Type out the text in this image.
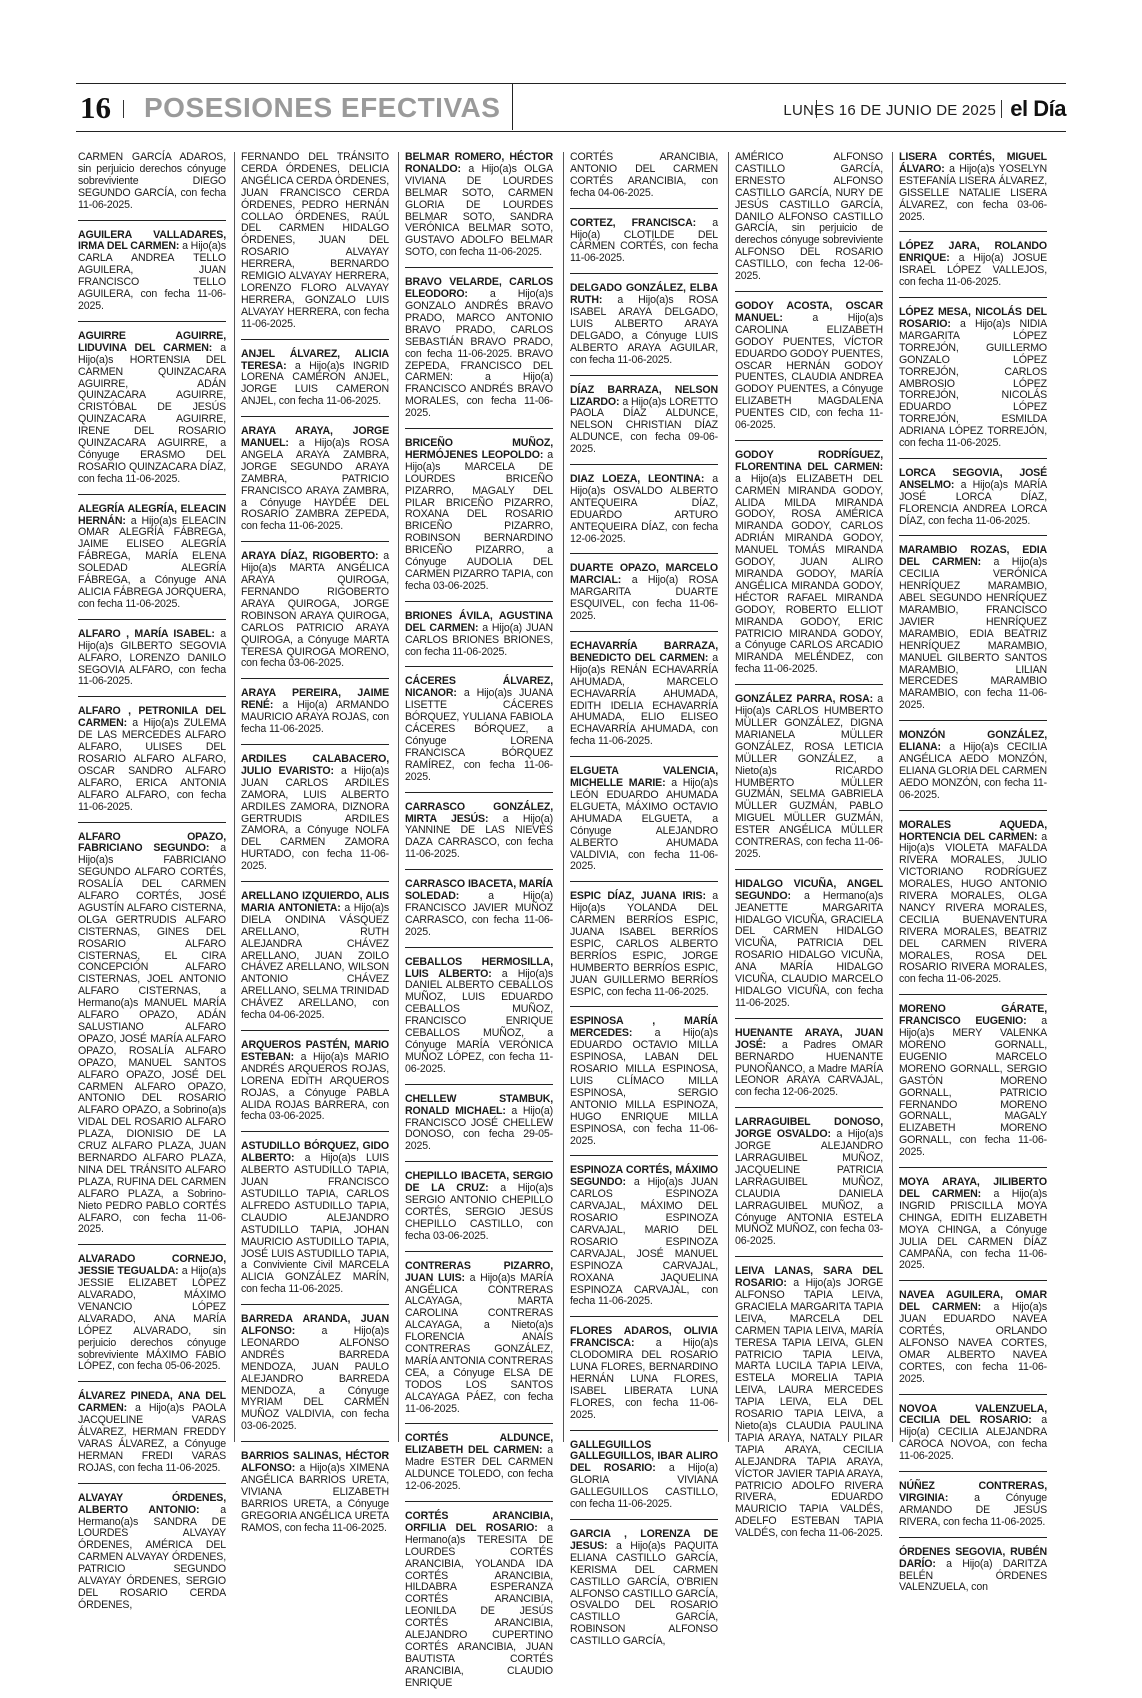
16 POSESIONES EFECTIVAS	LUNES 16 DE JUNIO DE 2025 el Día

CARMEN GARCÍA ADAROS, sin perjuicio derechos cónyuge sobreviviente DIEGO SEGUNDO GARCÍA, con fecha 11-06-2025.

AGUILERA VALLADARES, IRMA DEL CARMEN: a Hijo(a)s CARLA ANDREA TELLO AGUILERA, JUAN FRANCISCO TELLO AGUILERA, con fecha 11-06-2025.

AGUIRRE AGUIRRE, LIDUVINA DEL CARMEN: a Hijo(a)s HORTENSIA DEL CARMEN QUINZACARA AGUIRRE, ADÁN QUINZACARA AGUIRRE, CRISTÓBAL DE JESÚS QUINZACARA AGUIRRE, IRENE DEL ROSARIO QUINZACARA AGUIRRE, a Cónyuge ERASMO DEL ROSARIO QUINZACARA DÍAZ, con fecha 11-06-2025.

ALEGRÍA ALEGRÍA, ELEACIN HERNÁN: a Hijo(a)s ELEACIN OMAR ALEGRÍA FÁBREGA, JAIME ELISEO ALEGRÍA FÁBREGA, MARÍA ELENA SOLEDAD ALEGRÍA FÁBREGA, a Cónyuge ANA ALICIA FÁBREGA JORQUERA, con fecha 11-06-2025.

ALFARO , MARÍA ISABEL: a Hijo(a)s GILBERTO SEGOVIA ALFARO, LORENZO DANILO SEGOVIA ALFARO, con fecha 11-06-2025.

ALFARO , PETRONILA DEL CARMEN: a Hijo(a)s ZULEMA DE LAS MERCEDES ALFARO ALFARO, ULISES DEL ROSARIO ALFARO ALFARO, OSCAR SANDRO ALFARO ALFARO, ERICA ANTONIA ALFARO ALFARO, con fecha 11-06-2025.

ALFARO OPAZO, FABRICIANO SEGUNDO: a Hijo(a)s FABRICIANO SEGUNDO ALFARO CORTÉS, ROSALÍA DEL CARMEN ALFARO CORTÉS, JOSÉ AGUSTÍN ALFARO CISTERNA, OLGA GERTRUDIS ALFARO CISTERNAS, GINES DEL ROSARIO ALFARO CISTERNAS, EL CIRA CONCEPCIÓN ALFARO CISTERNAS, JOEL ANTONIO ALFARO CISTERNAS, a Hermano(a)s MANUEL MARÍA ALFARO OPAZO, ADÁN SALUSTIANO ALFARO OPAZO, JOSÉ MARÍA ALFARO OPAZO, ROSALÍA ALFARO OPAZO, MANUEL SANTOS ALFARO OPAZO, JOSÉ DEL CARMEN ALFARO OPAZO, ANTONIO DEL ROSARIO ALFARO OPAZO, a Sobrino(a)s VIDAL DEL ROSARIO ALFARO PLAZA, DIONISIO DE LA CRUZ ALFARO PLAZA, JUAN BERNARDO ALFARO PLAZA, NINA DEL TRÁNSITO ALFARO PLAZA, RUFINA DEL CARMEN ALFARO PLAZA, a Sobrino-Nieto PEDRO PABLO CORTÉS ALFARO, con fecha 11-06-2025.

ALVARADO CORNEJO, JESSIE TEGUALDA: a Hijo(a)s JESSIE ELIZABET LÓPEZ ALVARADO, MÁXIMO VENANCIO LÓPEZ ALVARADO, ANA MARÍA LÓPEZ ALVARADO, sin perjuicio derechos cónyuge sobreviviente MÁXIMO FABIO LÓPEZ, con fecha 05-06-2025.

ÁLVAREZ PINEDA, ANA DEL CARMEN: a Hijo(a)s PAOLA JACQUELINE VARAS ÁLVAREZ, HERMAN FREDDY VARAS ÁLVAREZ, a Cónyuge HERMAN FREDI VARAS ROJAS, con fecha 11-06-2025.

ALVAYAY ÓRDENES, ALBERTO ANTONIO: a Hermano(a)s SANDRA DE LOURDES ALVAYAY ÓRDENES, AMÉRICA DEL CARMEN ALVAYAY ÓRDENES, PATRICIO SEGUNDO ALVAYAY ÓRDENES, SERGIO DEL ROSARIO CERDA ÓRDENES,

FERNANDO DEL TRÁNSITO CERDA ÓRDENES, DELICIA ANGÉLICA CERDA ÓRDENES, JUAN FRANCISCO CERDA ÓRDENES, PEDRO HERNÁN COLLAO ÓRDENES, RAÚL DEL CARMEN HIDALGO ÓRDENES, JUAN DEL ROSARIO ALVAYAY HERRERA, BERNARDO REMIGIO ALVAYAY HERRERA, LORENZO FLORO ALVAYAY HERRERA, GONZALO LUIS ALVAYAY HERRERA, con fecha 11-06-2025.

ANJEL ÁLVAREZ, ALICIA TERESA: a Hijo(a)s INGRID LORENA CAMERON ANJEL, JORGE LUIS CAMERON ANJEL, con fecha 11-06-2025.

ARAYA ARAYA, JORGE MANUEL: a Hijo(a)s ROSA ANGELA ARAYA ZAMBRA, JORGE SEGUNDO ARAYA ZAMBRA, PATRICIO FRANCISCO ARAYA ZAMBRA, a Cónyuge HAYDÉE DEL ROSARIO ZAMBRA ZEPEDA, con fecha 11-06-2025.

ARAYA DÍAZ, RIGOBERTO: a Hijo(a)s MARTA ANGÉLICA ARAYA QUIROGA, FERNANDO RIGOBERTO ARAYA QUIROGA, JORGE ROBINSON ARAYA QUIROGA, CARLOS PATRICIO ARAYA QUIROGA, a Cónyuge MARTA TERESA QUIROGA MORENO, con fecha 03-06-2025.

ARAYA PEREIRA, JAIME RENÉ: a Hijo(a) ARMANDO MAURICIO ARAYA ROJAS, con fecha 11-06-2025.

ARDILES CALABACERO, JULIO EVARISTO: a Hijo(a)s JUAN CARLOS ARDILES ZAMORA, LUIS ALBERTO ARDILES ZAMORA, DIZNORA GERTRUDIS ARDILES ZAMORA, a Cónyuge NOLFA DEL CARMEN ZAMORA HURTADO, con fecha 11-06-2025.

ARELLANO IZQUIERDO, ALIS MARIA ANTONIETA: a Hijo(a)s DIELA ONDINA VÁSQUEZ ARELLANO, RUTH ALEJANDRA CHÁVEZ ARELLANO, JUAN ZOILO CHÁVEZ ARELLANO, WILSON ANTONIO CHÁVEZ ARELLANO, SELMA TRINIDAD CHÁVEZ ARELLANO, con fecha 04-06-2025.

ARQUEROS PASTÉN, MARIO ESTEBAN: a Hijo(a)s MARIO ANDRÉS ARQUEROS ROJAS, LORENA EDITH ARQUEROS ROJAS, a Cónyuge PABLA ALIDA ROJAS BARRERA, con fecha 03-06-2025.

ASTUDILLO BÓRQUEZ, GIDO ALBERTO: a Hijo(a)s LUIS ALBERTO ASTUDILLO TAPIA, JUAN FRANCISCO ASTUDILLO TAPIA, CARLOS ALFREDO ASTUDILLO TAPIA, CLAUDIO ALEJANDRO ASTUDILLO TAPIA, JOHAN MAURICIO ASTUDILLO TAPIA, JOSÉ LUIS ASTUDILLO TAPIA, a Conviviente Civil MARCELA ALICIA GONZÁLEZ MARÍN, con fecha 11-06-2025.

BARREDA ARANDA, JUAN ALFONSO: a Hijo(a)s LEONARDO ALFONSO ANDRÉS BARREDA MENDOZA, JUAN PAULO ALEJANDRO BARREDA MENDOZA, a Cónyuge MYRIAM DEL CARMEN MUÑOZ VALDIVIA, con fecha 03-06-2025.

BARRIOS SALINAS, HÉCTOR ALFONSO: a Hijo(a)s XIMENA ANGÉLICA BARRIOS URETA, VIVIANA ELIZABETH BARRIOS URETA, a Cónyuge GREGORIA ANGÉLICA URETA RAMOS, con fecha 11-06-2025.

BELMAR ROMERO, HÉCTOR RONALDO: a Hijo(a)s OLGA VIVIANA DE LOURDES BELMAR SOTO, CARMEN GLORIA DE LOURDES BELMAR SOTO, SANDRA VERÓNICA BELMAR SOTO, GUSTAVO ADOLFO BELMAR SOTO, con fecha 11-06-2025.

BRAVO VELARDE, CARLOS ELEODORO: a Hijo(a)s GONZALO ANDRÉS BRAVO PRADO, MARCO ANTONIO BRAVO PRADO, CARLOS SEBASTIÁN BRAVO PRADO, con fecha 11-06-2025. BRAVO ZEPEDA, FRANCISCO DEL CARMEN: a Hijo(a) FRANCISCO ANDRÉS BRAVO MORALES, con fecha 11-06-2025.

BRICEÑO MUÑOZ, HERMÓJENES LEOPOLDO: a Hijo(a)s MARCELA DE LOURDES BRICEÑO PIZARRO, MAGALY DEL PILAR BRICEÑO PIZARRO, ROXANA DEL ROSARIO BRICEÑO PIZARRO, ROBINSON BERNARDINO BRICEÑO PIZARRO, a Cónyuge AUDOLIA DEL CARMEN PIZARRO TAPIA, con fecha 03-06-2025.

BRIONES ÁVILA, AGUSTINA DEL CARMEN: a Hijo(a) JUAN CARLOS BRIONES BRIONES, con fecha 11-06-2025.

CÁCERES ÁLVAREZ, NICANOR: a Hijo(a)s JUANA LISETTE CÁCERES BÓRQUEZ, YULIANA FABIOLA CÁCERES BÓRQUEZ, a Cónyuge LORENA FRANCISCA BÓRQUEZ RAMÍREZ, con fecha 11-06-2025.

CARRASCO GONZÁLEZ, MIRTA JESÚS: a Hijo(a) YANNINE DE LAS NIEVES DAZA CARRASCO, con fecha 11-06-2025.

CARRASCO IBACETA, MARÍA SOLEDAD:	a Hijo(a) FRANCISCO JAVIER MUÑOZ CARRASCO, con fecha 11-06-2025.

CEBALLOS HERMOSILLA, LUIS ALBERTO: a Hijo(a)s DANIEL ALBERTO CEBALLOS MUÑOZ, LUIS EDUARDO CEBALLOS MUÑOZ, FRANCISCO ENRIQUE CEBALLOS MUÑOZ, a Cónyuge MARÍA VERÓNICA MUÑOZ LÓPEZ, con fecha 11-06-2025.

CHELLEW STAMBUK, RONALD MICHAEL: a Hijo(a) FRANCISCO JOSÉ CHELLEW DONOSO, con fecha 29-05-2025.

CHEPILLO IBACETA, SERGIO DE LA CRUZ: a Hijo(a)s SERGIO ANTONIO CHEPILLO CORTÉS, SERGIO JESÚS CHEPILLO CASTILLO, con fecha 03-06-2025.

CONTRERAS PIZARRO, JUAN LUIS: a Hijo(a)s MARÍA ANGÉLICA CONTRERAS ALCAYAGA, MARTA CAROLINA CONTRERAS ALCAYAGA, a Nieto(a)s FLORENCIA ANAÍS CONTRERAS GONZÁLEZ, MARÍA ANTONIA CONTRERAS CEA, a Cónyuge ELSA DE TODOS LOS SANTOS ALCAYAGA PÁEZ, con fecha 11-06-2025.

CORTÉS ALDUNCE, ELIZABETH DEL CARMEN: a Madre ESTER DEL CARMEN ALDUNCE TOLEDO, con fecha 12-06-2025.

CORTÉS ARANCIBIA, ORFILIA DEL ROSARIO: a Hermano(a)s TERESITA DE LOURDES CORTÉS ARANCIBIA, YOLANDA IDA CORTÉS ARANCIBIA, HILDABRA ESPERANZA CORTÉS ARANCIBIA, LEONILDA DE JESÚS CORTÉS ARANCIBIA, ALEJANDRO CUPERTINO CORTÉS ARANCIBIA, JUAN BAUTISTA CORTÉS ARANCIBIA, CLAUDIO ENRIQUE

CORTÉS ARANCIBIA, ANTONIO DEL CARMEN CORTÉS ARANCIBIA, con fecha 04-06-2025.

CORTEZ, FRANCISCA: a Hijo(a) CLOTILDE DEL CARMEN CORTÉS, con fecha 11-06-2025.

DELGADO GONZÁLEZ, ELBA RUTH: a Hijo(a)s ROSA ISABEL ARAYA DELGADO, LUIS ALBERTO ARAYA DELGADO, a Cónyuge LUIS ALBERTO ARAYA AGUILAR, con fecha 11-06-2025.

DÍAZ BARRAZA, NELSON LIZARDO: a Hijo(a)s LORETTO PAOLA DÍAZ ALDUNCE, NELSON CHRISTIAN DÍAZ ALDUNCE, con fecha 09-06-2025.

DIAZ LOEZA, LEONTINA: a Hijo(a)s OSVALDO ALBERTO ANTEQUEIRA DÍAZ, EDUARDO ARTURO ANTEQUEIRA DÍAZ, con fecha 12-06-2025.

DUARTE OPAZO, MARCELO MARCIAL: a Hijo(a) ROSA MARGARITA DUARTE ESQUIVEL, con fecha 11-06-2025.

ECHAVARRÍA BARRAZA, BENEDICTO DEL CARMEN: a Hijo(a)s RENÁN ECHAVARRÍA AHUMADA, MARCELO ECHAVARRÍA AHUMADA, EDITH IDELIA ECHAVARRÍA AHUMADA, ELIO ELISEO ECHAVARRÍA AHUMADA, con fecha 11-06-2025.

ELGUETA VALENCIA, MICHELLE MARIE: a Hijo(a)s LEÓN EDUARDO AHUMADA ELGUETA, MÁXIMO OCTAVIO AHUMADA ELGUETA, a Cónyuge ALEJANDRO ALBERTO AHUMADA VALDIVIA, con fecha 11-06-2025.

ESPIC DÍAZ, JUANA IRIS: a Hijo(a)s YOLANDA DEL CARMEN BERRÍOS ESPIC, JUANA ISABEL BERRÍOS ESPIC, CARLOS ALBERTO BERRÍOS ESPIC, JORGE HUMBERTO BERRÍOS ESPIC, JUAN GUILLERMO BERRÍOS ESPIC, con fecha 11-06-2025.

ESPINOSA , MARÍA MERCEDES: a Hijo(a)s EDUARDO OCTAVIO MILLA ESPINOSA, LABAN DEL ROSARIO MILLA ESPINOSA, LUIS CLÍMACO MILLA ESPINOSA, SERGIO ANTONIO MILLA ESPINOZA, HUGO ENRIQUE MILLA ESPINOSA, con fecha 11-06-2025.

ESPINOZA CORTÉS, MÁXIMO SEGUNDO: a Hijo(a)s JUAN CARLOS ESPINOZA CARVAJAL, MÁXIMO DEL ROSARIO ESPINOZA CARVAJAL, MARIO DEL ROSARIO ESPINOZA CARVAJAL, JOSÉ MANUEL ESPINOZA CARVAJAL, ROXANA JAQUELINA ESPINOZA CARVAJAL, con fecha 11-06-2025.

FLORES ADAROS, OLIVIA FRANCISCA: a Hijo(a)s CLODOMIRA DEL ROSARIO LUNA FLORES, BERNARDINO HERNÁN LUNA FLORES, ISABEL LIBERATA LUNA FLORES, con fecha 11-06-2025.

GALLEGUILLOS GALLEGUILLOS, IBAR ALIRO DEL ROSARIO: a Hijo(a) GLORIA VIVIANA GALLEGUILLOS CASTILLO, con fecha 11-06-2025.

GARCIA , LORENZA DE JESUS: a Hijo(a)s PAQUITA ELIANA CASTILLO GARCÍA, KERISMA DEL CARMEN CASTILLO GARCÍA, O'BRIEN ALFONSO CASTILLO GARCÍA, OSVALDO DEL ROSARIO CASTILLO GARCÍA, ROBINSON ALFONSO CASTILLO GARCÍA,

AMÉRICO ALFONSO CASTILLO GARCÍA, ERNESTO ALFONSO CASTILLO GARCÍA, NURY DE JESÚS CASTILLO GARCÍA, DANILO ALFONSO CASTILLO GARCÍA, sin perjuicio de derechos cónyuge sobreviviente ALFONSO DEL ROSARIO CASTILLO, con fecha 12-06-2025.

GODOY ACOSTA, OSCAR MANUEL:	a Hijo(a)s CAROLINA ELIZABETH GODOY PUENTES, VÍCTOR EDUARDO GODOY PUENTES, OSCAR HERNÁN GODOY PUENTES, CLAUDIA ANDREA GODOY PUENTES, a Cónyuge ELIZABETH MAGDALENA PUENTES CID, con fecha 11-06-2025.

GODOY RODRÍGUEZ, FLORENTINA DEL CARMEN: a Hijo(a)s ELIZABETH DEL CARMEN MIRANDA GODOY, ALIDA MILDA MIRANDA GODOY, ROSA AMÉRICA MIRANDA GODOY, CARLOS ADRIÁN MIRANDA GODOY, MANUEL TOMÁS MIRANDA GODOY, JUAN ALIRO MIRANDA GODOY, MARÍA ANGÉLICA MIRANDA GODOY, HÉCTOR RAFAEL MIRANDA GODOY, ROBERTO ELLIOT MIRANDA GODOY, ERIC PATRICIO MIRANDA GODOY, a Cónyuge CARLOS ARCADIO MIRANDA MELÉNDEZ, con fecha 11-06-2025.

GONZÁLEZ PARRA, ROSA: a Hijo(a)s CARLOS HUMBERTO MÜLLER GONZÁLEZ, DIGNA MARIANELA MÜLLER GONZÁLEZ, ROSA LETICIA MÜLLER GONZÁLEZ, a Nieto(a)s RICARDO HUMBERTO MÜLLER GUZMÁN, SELMA GABRIELA MÜLLER GUZMÁN, PABLO MIGUEL MÜLLER GUZMÁN, ESTER ANGÉLICA MÜLLER CONTRERAS, con fecha 11-06-2025.

HIDALGO VICUÑA, ANGEL SEGUNDO: a Hermano(a)s JEANETTE MARGARITA HIDALGO VICUÑA, GRACIELA DEL CARMEN HIDALGO VICUÑA, PATRICIA DEL ROSARIO HIDALGO VICUÑA, ANA MARÍA HIDALGO VICUÑA, CLAUDIO MARCELO HIDALGO VICUÑA, con fecha 11-06-2025.

HUENANTE ARAYA, JUAN JOSÉ: a Padres OMAR BERNARDO HUENANTE PUNOÑANCO, a Madre MARÍA LEONOR ARAYA CARVAJAL, con fecha 12-06-2025.

LARRAGUIBEL DONOSO, JORGE OSVALDO: a Hijo(a)s JORGE ALEJANDRO LARRAGUIBEL MUÑOZ, JACQUELINE PATRICIA LARRAGUIBEL MUÑOZ, CLAUDIA DANIELA LARRAGUIBEL MUÑOZ, a Cónyuge ANTONIA ESTELA MUÑOZ MUÑOZ, con fecha 03-06-2025.

LEIVA LANAS, SARA DEL ROSARIO: a Hijo(a)s JORGE ALFONSO TAPIA LEIVA, GRACIELA MARGARITA TAPIA LEIVA, MARCELA DEL CARMEN TAPIA LEIVA, MARÍA TERESA TAPIA LEIVA, GLEN PATRICIO TAPIA LEIVA, MARTA LUCILA TAPIA LEIVA, ESTELA MORELIA TAPIA LEIVA, LAURA MERCEDES TAPIA LEIVA, ELA DEL ROSARIO TAPIA LEIVA, a Nieto(a)s CLAUDIA PAULINA TAPIA ARAYA, NATALY PILAR TAPIA ARAYA, CECILIA ALEJANDRA TAPIA ARAYA, VÍCTOR JAVIER TAPIA ARAYA, PATRICIO ADOLFO RIVERA RIVERA, EDUARDO MAURICIO TAPIA VALDÉS, ADELFO ESTEBAN TAPIA VALDÉS, con fecha 11-06-2025.

LISERA CORTÉS, MIGUEL ÁLVARO: a Hijo(a)s YOSELYN ESTEFANÍA LISERA ÁLVAREZ, GISSELLE NATALIE LISERA ÁLVAREZ, con fecha 03-06-2025.

LÓPEZ JARA, ROLANDO ENRIQUE: a Hijo(a) JOSUE ISRAEL LÓPEZ VALLEJOS, con fecha 11-06-2025.

LÓPEZ MESA, NICOLÁS DEL ROSARIO: a Hijo(a)s NIDIA MARGARITA LÓPEZ TORREJÓN, GUILLERMO GONZALO LÓPEZ TORREJÓN, CARLOS AMBROSIO LÓPEZ TORREJÓN, NICOLÁS EDUARDO LÓPEZ TORREJÓN, ESMILDA ADRIANA LÓPEZ TORREJÓN, con fecha 11-06-2025.

LORCA SEGOVIA, JOSÉ ANSELMO: a Hijo(a)s MARÍA JOSÉ LORCA DÍAZ, FLORENCIA ANDREA LORCA DÍAZ, con fecha 11-06-2025.

MARAMBIO ROZAS, EDIA DEL CARMEN: a Hijo(a)s CECILIA VERÓNICA HENRÍQUEZ MARAMBIO, ABEL SEGUNDO HENRÍQUEZ MARAMBIO, FRANCISCO JAVIER HENRÍQUEZ MARAMBIO, EDIA BEATRIZ HENRÍQUEZ MARAMBIO, MANUEL GILBERTO SANTOS MARAMBIO, LILIAN MERCEDES MARAMBIO MARAMBIO, con fecha 11-06-2025.

MONZÓN GONZÁLEZ, ELIANA: a Hijo(a)s CECILIA ANGÉLICA AEDO MONZÓN, ELIANA GLORIA DEL CARMEN AEDO MONZÓN, con fecha 11-06-2025.

MORALES AQUEDA, HORTENCIA DEL CARMEN: a Hijo(a)s VIOLETA MAFALDA RIVERA MORALES, JULIO VICTORIANO RODRÍGUEZ MORALES, HUGO ANTONIO RIVERA MORALES, OLGA NANCY RIVERA MORALES, CECILIA BUENAVENTURA RIVERA MORALES, BEATRIZ DEL CARMEN RIVERA MORALES, ROSA DEL ROSARIO RIVERA MORALES, con fecha 11-06-2025.

MORENO GÁRATE, FRANCISCO EUGENIO: a Hijo(a)s MERY VALENKA MORENO GORNALL, EUGENIO MARCELO MORENO GORNALL, SERGIO GASTÓN MORENO GORNALL, PATRICIO FERNANDO MORENO GORNALL, MAGALY ELIZABETH MORENO GORNALL, con fecha 11-06-2025.

MOYA ARAYA, JILIBERTO DEL CARMEN: a Hijo(a)s INGRID PRISCILLA MOYA CHINGA, EDITH ELIZABETH MOYA CHINGA, a Cónyuge JULIA DEL CARMEN DÍAZ CAMPAÑA, con fecha 11-06-2025.

NAVEA AGUILERA, OMAR DEL CARMEN: a Hijo(a)s JUAN EDUARDO NAVEA CORTÉS, ORLANDO ALFONSO NAVEA CORTES, OMAR ALBERTO NAVEA CORTES, con fecha 11-06-2025.

NOVOA VALENZUELA, CECILIA DEL ROSARIO: a Hijo(a) CECILIA ALEJANDRA CAROCA NOVOA, con fecha 11-06-2025.

NÚÑEZ CONTRERAS, VIRGINIA: a Cónyuge ARMANDO DE JESÚS RIVERA, con fecha 11-06-2025.

ÓRDENES SEGOVIA, RUBÉN DARÍO: a Hijo(a) DARITZA BELÉN ÓRDENES VALENZUELA, con
